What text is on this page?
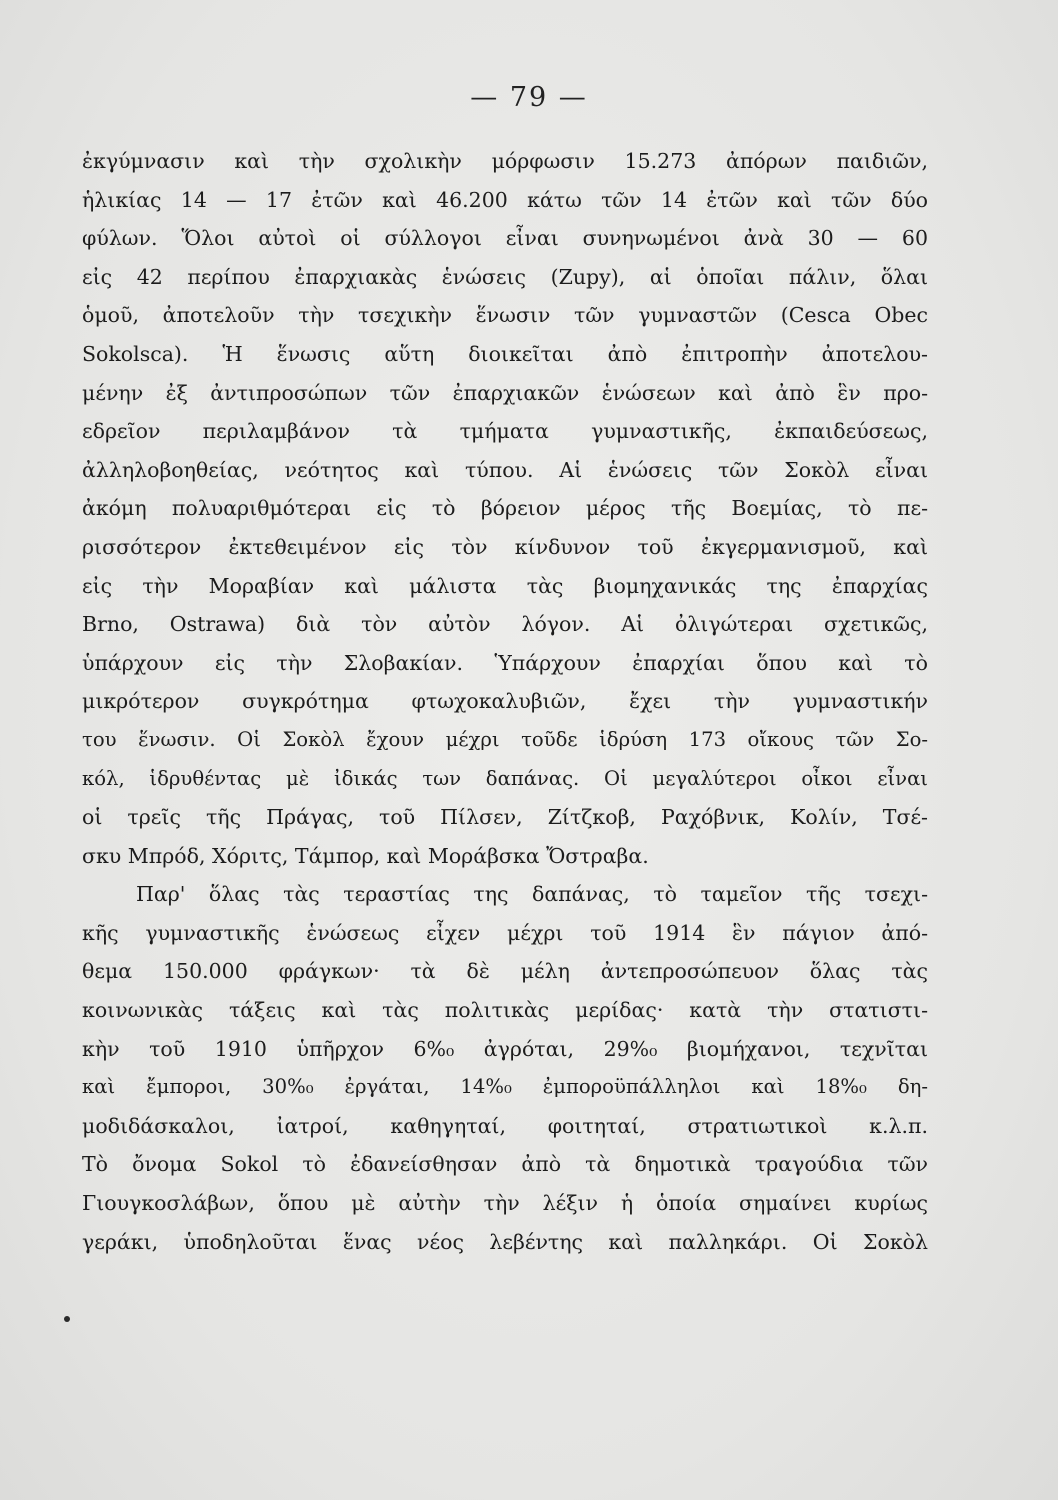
— 79 —
ἐκγύμνασιν καὶ τὴν σχολικὴν μόρφωσιν 15.273 ἀπόρων παιδιῶν,
ἡλικίας 14 — 17 ἐτῶν καὶ 46.200 κάτω τῶν 14 ἐτῶν καὶ τῶν δύο
φύλων. Ὅλοι αὐτοὶ οἱ σύλλογοι εἶναι συνηνωμένοι ἀνὰ 30 — 60
εἰς 42 περίπου ἐπαρχιακὰς ἑνώσεις (Zupy), αἱ ὁποῖαι πάλιν, ὅλαι
ὁμοῦ, ἀποτελοῦν τὴν τσεχικὴν ἕνωσιν τῶν γυμναστῶν (Cesca Obec
Sokolsca). Ἡ ἕνωσις αὕτη διοικεῖται ἀπὸ ἐπιτροπὴν ἀποτελου-
μένην ἐξ ἀντιπροσώπων τῶν ἐπαρχιακῶν ἑνώσεων καὶ ἀπὸ ἓν προ-
εδρεῖον περιλαμβάνον τὰ τμήματα γυμναστικῆς, ἐκπαιδεύσεως,
ἀλληλοβοηθείας, νεότητος καὶ τύπου. Αἱ ἑνώσεις τῶν Σοκὸλ εἶναι
ἀκόμη πολυαριθμότεραι εἰς τὸ βόρειον μέρος τῆς Βοεμίας, τὸ πε-
ρισσότερον ἐκτεθειμένον εἰς τὸν κίνδυνον τοῦ ἐκγερμανισμοῦ, καὶ
εἰς τὴν Μοραβίαν καὶ μάλιστα τὰς βιομηχανικάς της ἐπαρχίας
Brno, Ostrawa) διὰ τὸν αὐτὸν λόγον. Αἱ ὀλιγώτεραι σχετικῶς,
ὑπάρχουν εἰς τὴν Σλοβακίαν. Ὑπάρχουν ἐπαρχίαι ὅπου καὶ τὸ
μικρότερον συγκρότημα φτωχοκαλυβιῶν, ἔχει τὴν γυμναστικήν
του ἕνωσιν. Οἱ Σοκὸλ ἔχουν μέχρι τοῦδε ἱδρύση 173 οἴκους τῶν Σο-
κόλ, ἱδρυθέντας μὲ ἰδικάς των δαπάνας. Οἱ μεγαλύτεροι οἶκοι εἶναι
οἱ τρεῖς τῆς Πράγας, τοῦ Πίλσεν, Ζίτζκοβ, Ραχόβνικ, Κολίν, Τσέ-
σκυ Μπρόδ, Χόριτς, Τάμπορ, καὶ Μοράβσκα Ὄστραβα.
Παρ' ὅλας τὰς τεραστίας της δαπάνας, τὸ ταμεῖον τῆς τσεχι-
κῆς γυμναστικῆς ἑνώσεως εἶχεν μέχρι τοῦ 1914 ἓν πάγιον ἀπό-
θεμα 150.000 φράγκων· τὰ δὲ μέλη ἀντεπροσώπευον ὅλας τὰς
κοινωνικὰς τάξεις καὶ τὰς πολιτικὰς μερίδας· κατὰ τὴν στατιστι-
κὴν τοῦ 1910 ὑπῆρχον 6%₀ ἀγρόται, 29%₀ βιομήχανοι, τεχνῖται
καὶ ἔμποροι, 30%₀ ἐργάται, 14%₀ ἐμποροϋπάλληλοι καὶ 18%₀ δη-
μοδιδάσκαλοι, ἰατροί, καθηγηταί, φοιτηταί, στρατιωτικοὶ κ.λ.π.
Τὸ ὄνομα Sokol τὸ ἐδανείσθησαν ἀπὸ τὰ δημοτικὰ τραγούδια τῶν
Γιουγκοσλάβων, ὅπου μὲ αὐτὴν τὴν λέξιν ἡ ὁποία σημαίνει κυρίως
γεράκι, ὑποδηλοῦται ἕνας νέος λεβέντης καὶ παλληκάρι. Οἱ Σοκὸλ
